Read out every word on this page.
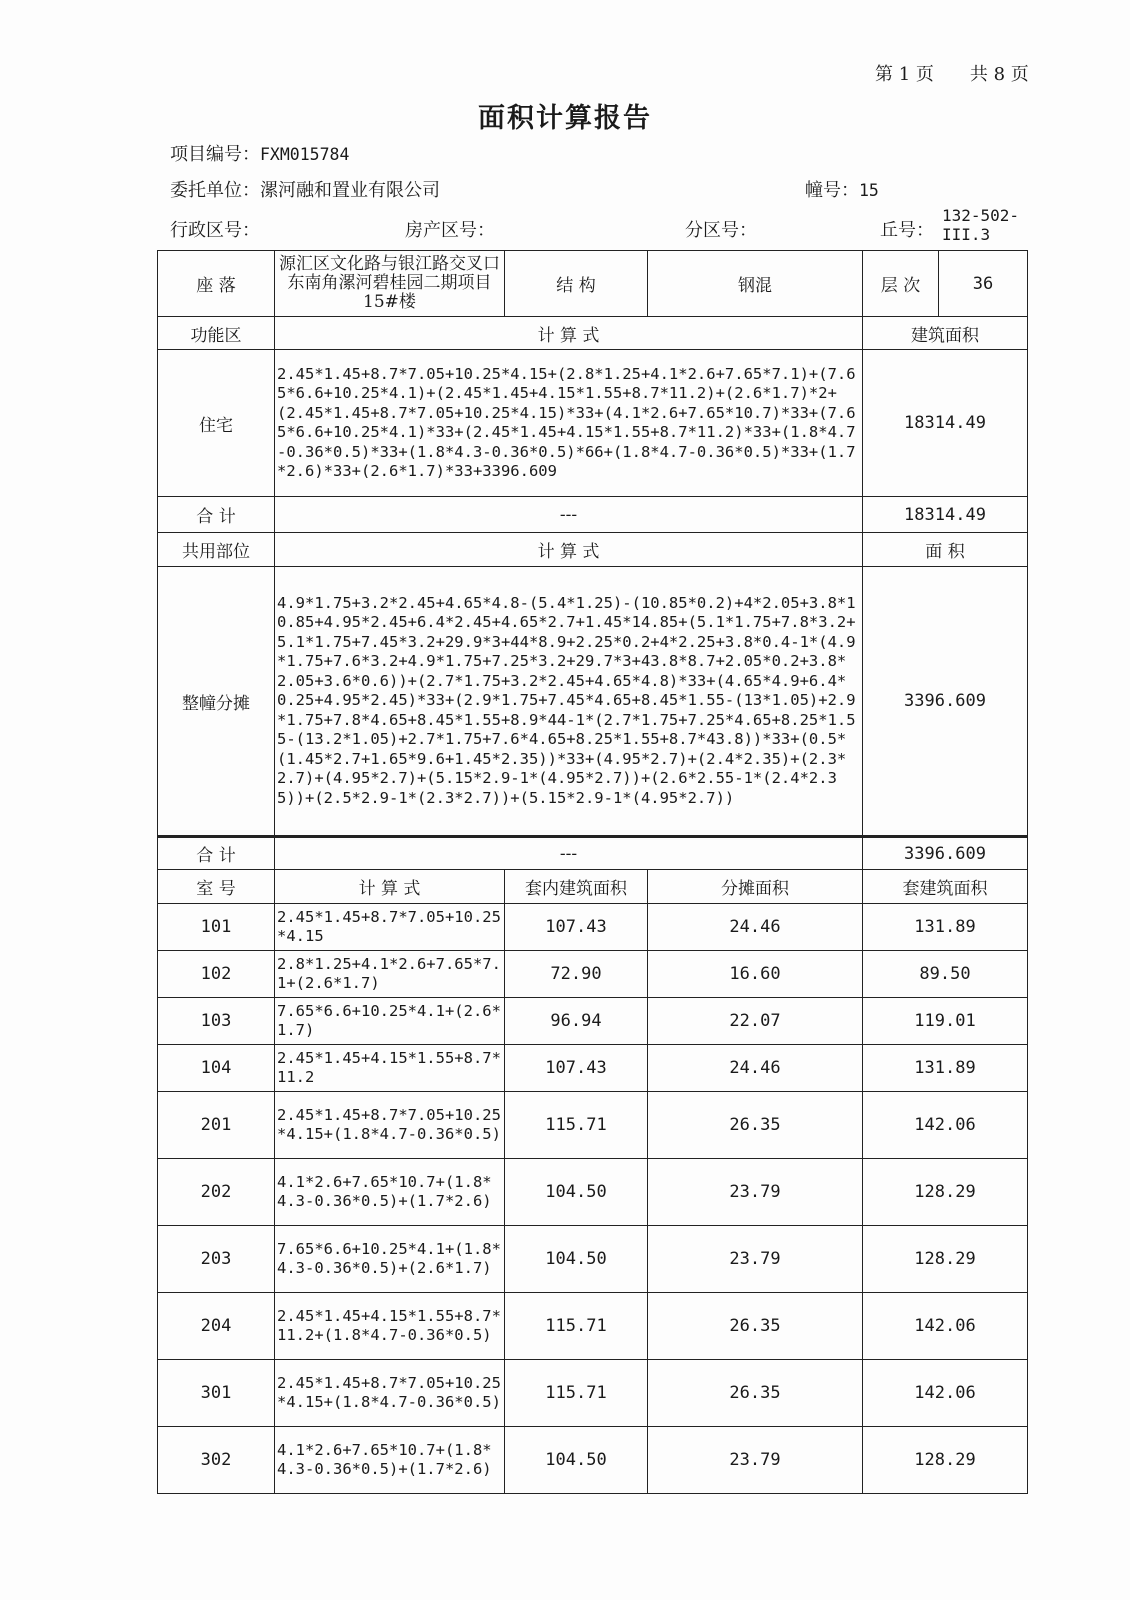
第 1 页　　共 8 页
面积计算报告
项目编号：FXM015784
委托单位：漯河融和置业有限公司	幢号：15
行政区号：	房产区号：	分区号：	丘号：
132-502-III.3
座 落	源汇区文化路与银江路交叉口东南角漯河碧桂园二期项目15#楼	结 构	钢混	层 次	36
功能区	计 算 式			建筑面积	
住宅	2.45*1.45+8.7*7.05+10.25*4.15+(2.8*1.25+4.1*2.6+7.65*7.1)+(7.65*6.6+10.25*4.1)+(2.45*1.45+4.15*1.55+8.7*11.2)+(2.6*1.7)*2+(2.45*1.45+8.7*7.05+10.25*4.15)*33+(4.1*2.6+7.65*10.7)*33+(7.65*6.6+10.25*4.1)*33+(2.45*1.45+4.15*1.55+8.7*11.2)*33+(1.8*4.7-0.36*0.5)*33+(1.8*4.3-0.36*0.5)*66+(1.8*4.7-0.36*0.5)*33+(1.7*2.6)*33+(2.6*1.7)*33+3396.609			18314.49	
合 计	---			18314.49	
共用部位	计 算 式			面 积	
整幢分摊	4.9*1.75+3.2*2.45+4.65*4.8-(5.4*1.25)-(10.85*0.2)+4*2.05+3.8*10.85+4.95*2.45+6.4*2.45+4.65*2.7+1.45*14.85+(5.1*1.75+7.8*3.2+5.1*1.75+7.45*3.2+29.9*3+44*8.9+2.25*0.2+4*2.25+3.8*0.4-1*(4.9*1.75+7.6*3.2+4.9*1.75+7.25*3.2+29.7*3+43.8*8.7+2.05*0.2+3.8*2.05+3.6*0.6))+(2.7*1.75+3.2*2.45+4.65*4.8)*33+(4.65*4.9+6.4*0.25+4.95*2.45)*33+(2.9*1.75+7.45*4.65+8.45*1.55-(13*1.05)+2.9*1.75+7.8*4.65+8.45*1.55+8.9*44-1*(2.7*1.75+7.25*4.65+8.25*1.55-(13.2*1.05)+2.7*1.75+7.6*4.65+8.25*1.55+8.7*43.8))*33+(0.5*(1.45*2.7+1.65*9.6+1.45*2.35))*33+(4.95*2.7)+(2.4*2.35)+(2.3*2.7)+(4.95*2.7)+(5.15*2.9-1*(4.95*2.7))+(2.6*2.55-1*(2.4*2.35))+(2.5*2.9-1*(2.3*2.7))+(5.15*2.9-1*(4.95*2.7))			3396.609	
合 计	---			3396.609	
室 号	计 算 式	套内建筑面积	分摊面积	套建筑面积	
101	2.45*1.45+8.7*7.05+10.25*4.15	107.43	24.46	131.89	
102	2.8*1.25+4.1*2.6+7.65*7.1+(2.6*1.7)	72.90	16.60	89.50	
103	7.65*6.6+10.25*4.1+(2.6*1.7)	96.94	22.07	119.01	
104	2.45*1.45+4.15*1.55+8.7*11.2	107.43	24.46	131.89	
201	2.45*1.45+8.7*7.05+10.25*4.15+(1.8*4.7-0.36*0.5)	115.71	26.35	142.06	
202	4.1*2.6+7.65*10.7+(1.8*4.3-0.36*0.5)+(1.7*2.6)	104.50	23.79	128.29	
203	7.65*6.6+10.25*4.1+(1.8*4.3-0.36*0.5)+(2.6*1.7)	104.50	23.79	128.29	
204	2.45*1.45+4.15*1.55+8.7*11.2+(1.8*4.7-0.36*0.5)	115.71	26.35	142.06	
301	2.45*1.45+8.7*7.05+10.25*4.15+(1.8*4.7-0.36*0.5)	115.71	26.35	142.06	
302	4.1*2.6+7.65*10.7+(1.8*4.3-0.36*0.5)+(1.7*2.6)	104.50	23.79	128.29	
